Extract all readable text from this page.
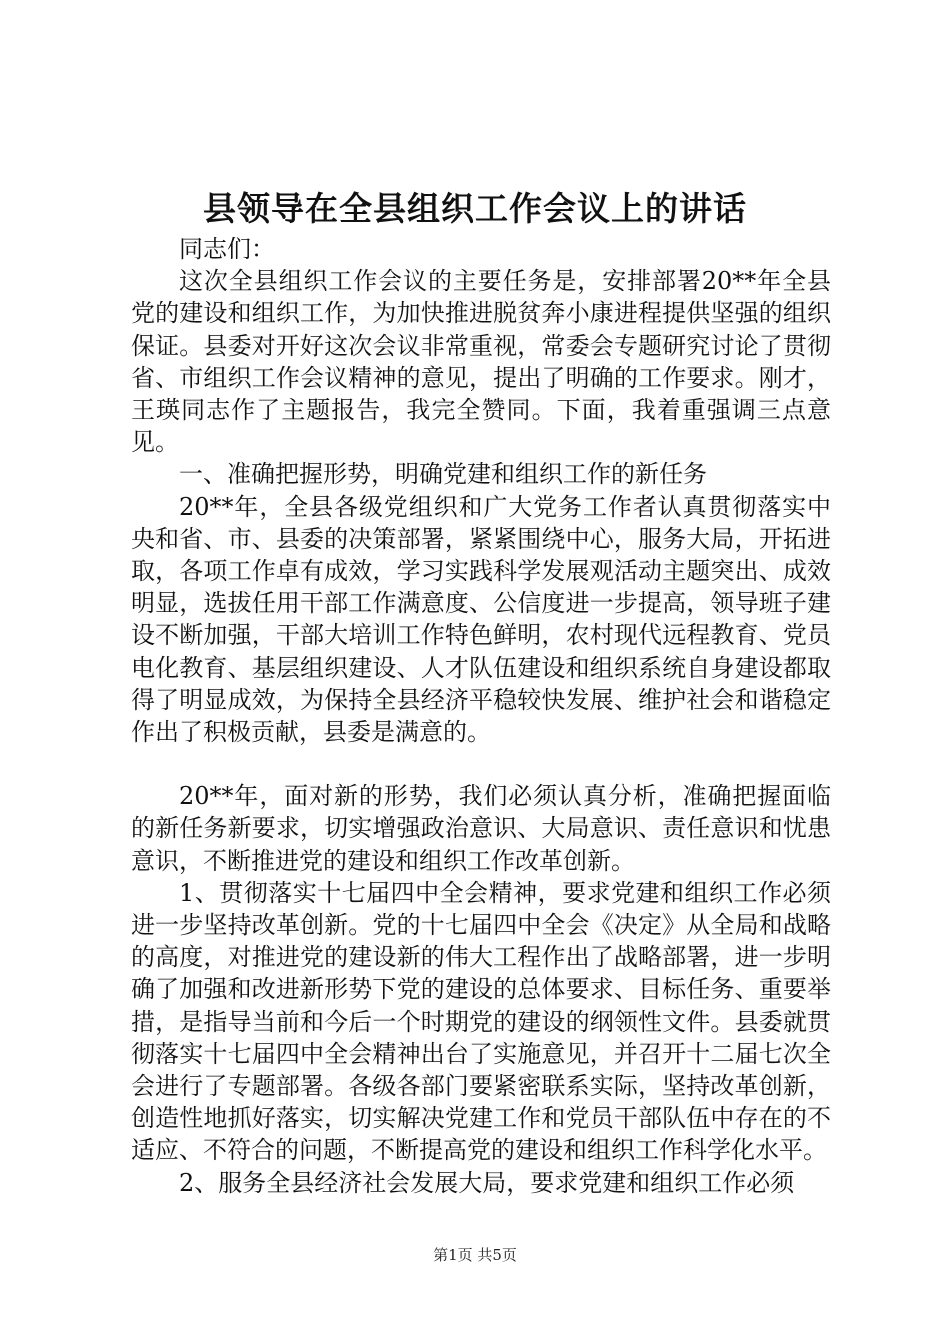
县领导在全县组织工作会议上的讲话

同志们：

这次全县组织工作会议的主要任务是，安排部署20**年全县党的建设和组织工作，为加快推进脱贫奔小康进程提供坚强的组织保证。县委对开好这次会议非常重视，常委会专题研究讨论了贯彻省、市组织工作会议精神的意见，提出了明确的工作要求。刚才，王瑛同志作了主题报告，我完全赞同。下面，我着重强调三点意见。

一、准确把握形势，明确党建和组织工作的新任务

20**年，全县各级党组织和广大党务工作者认真贯彻落实中央和省、市、县委的决策部署，紧紧围绕中心，服务大局，开拓进取，各项工作卓有成效，学习实践科学发展观活动主题突出、成效明显，选拔任用干部工作满意度、公信度进一步提高，领导班子建设不断加强，干部大培训工作特色鲜明，农村现代远程教育、党员电化教育、基层组织建设、人才队伍建设和组织系统自身建设都取得了明显成效，为保持全县经济平稳较快发展、维护社会和谐稳定作出了积极贡献，县委是满意的。

20**年，面对新的形势，我们必须认真分析，准确把握面临的新任务新要求，切实增强政治意识、大局意识、责任意识和忧患意识，不断推进党的建设和组织工作改革创新。

1、贯彻落实十七届四中全会精神，要求党建和组织工作必须进一步坚持改革创新。党的十七届四中全会《决定》从全局和战略的高度，对推进党的建设新的伟大工程作出了战略部署，进一步明确了加强和改进新形势下党的建设的总体要求、目标任务、重要举措，是指导当前和今后一个时期党的建设的纲领性文件。县委就贯彻落实十七届四中全会精神出台了实施意见，并召开十二届七次全会进行了专题部署。各级各部门要紧密联系实际，坚持改革创新，创造性地抓好落实，切实解决党建工作和党员干部队伍中存在的不适应、不符合的问题，不断提高党的建设和组织工作科学化水平。

2、服务全县经济社会发展大局，要求党建和组织工作必须

第1页 共5页
